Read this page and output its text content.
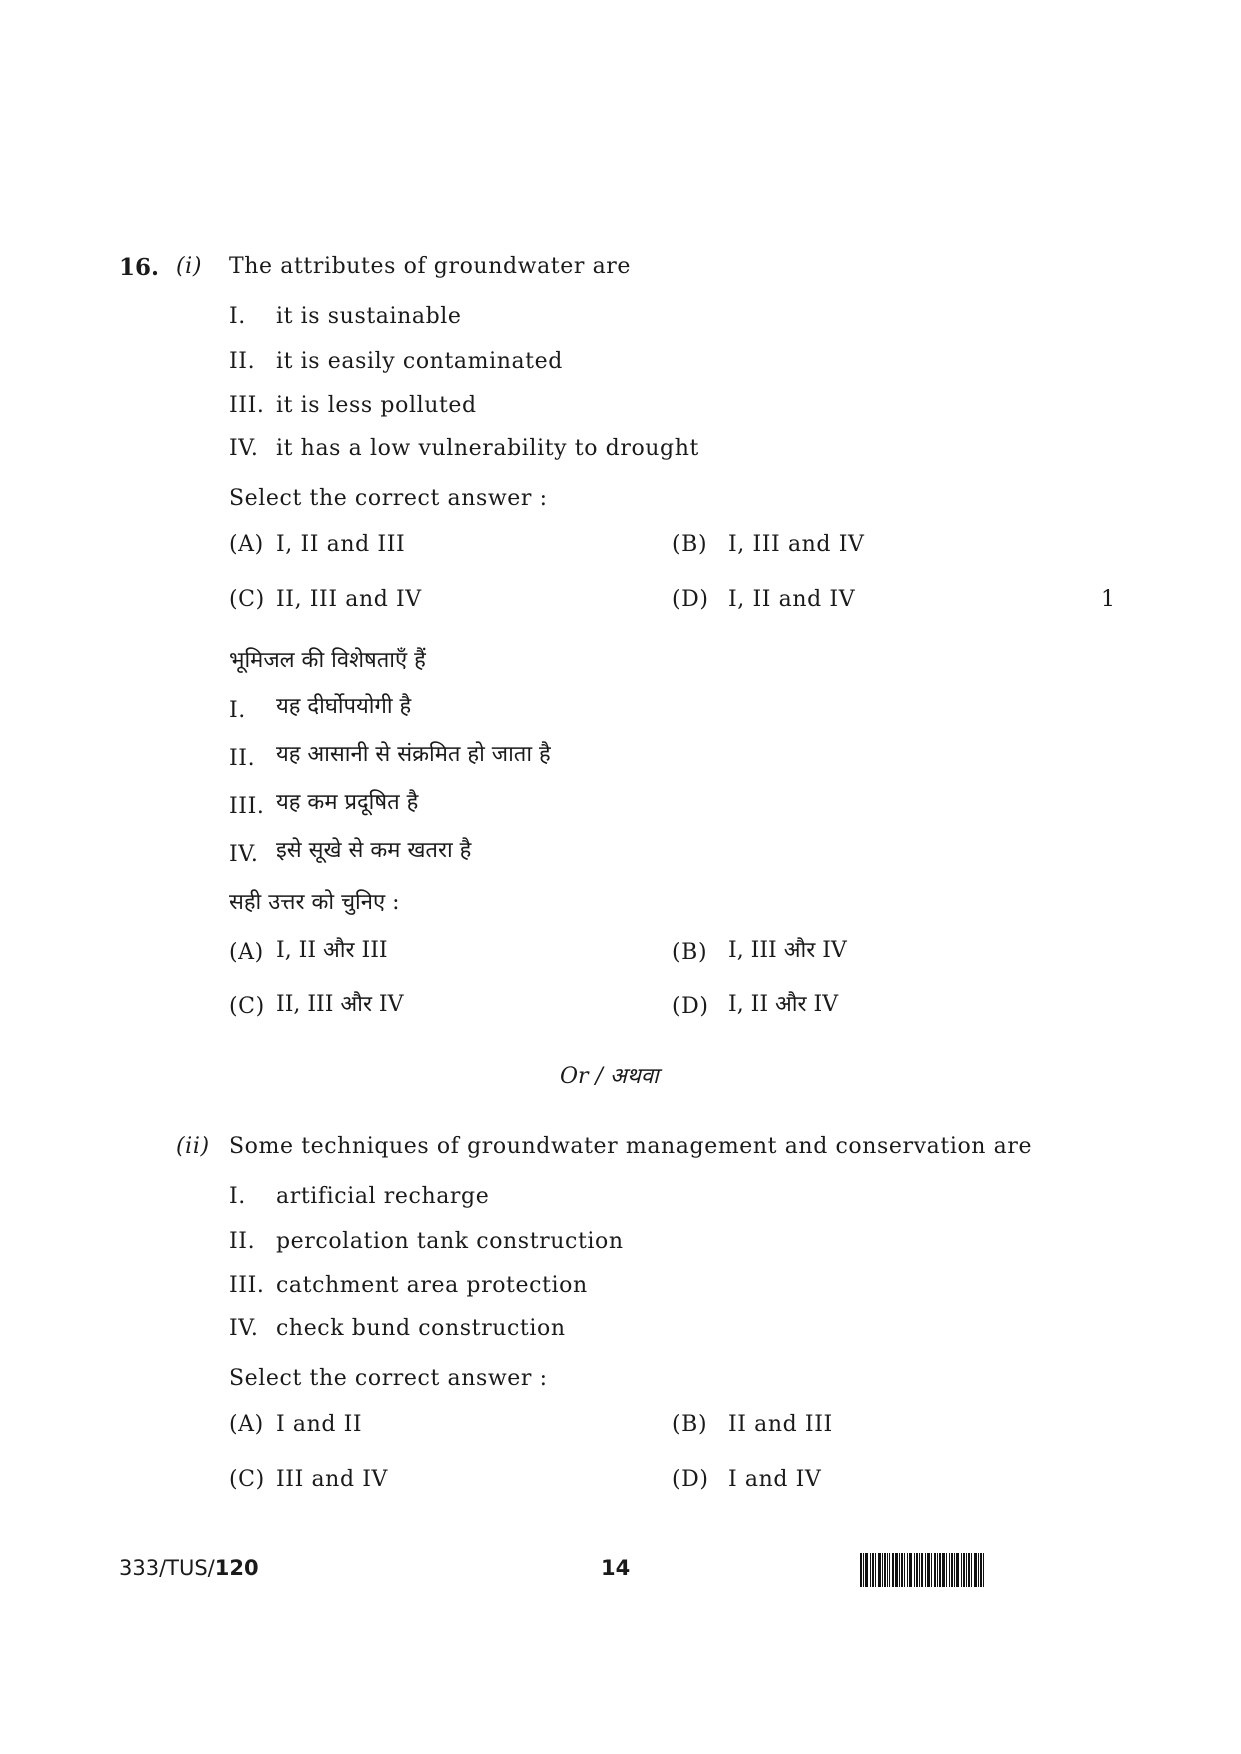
16. (i) The attributes of groundwater are
I. it is sustainable
II. it is easily contaminated
III. it is less polluted
IV. it has a low vulnerability to drought
Select the correct answer :
(A) I, II and III	(B) I, III and IV
(C) II, III and IV	(D) I, II and IV	1
भूमिजल की विशेषताएँ हैं
I. यह दीर्घोपयोगी है
II. यह आसानी से संक्रमित हो जाता है
III. यह कम प्रदूषित है
IV. इसे सूखे से कम खतरा है
सही उत्तर को चुनिए :
(A) I, II और III	(B) I, III और IV
(C) II, III और IV	(D) I, II और IV
Or / अथवा
(ii) Some techniques of groundwater management and conservation are
I. artificial recharge
II. percolation tank construction
III. catchment area protection
IV. check bund construction
Select the correct answer :
(A) I and II	(B) II and III
(C) III and IV	(D) I and IV
333/TUS/120	14
